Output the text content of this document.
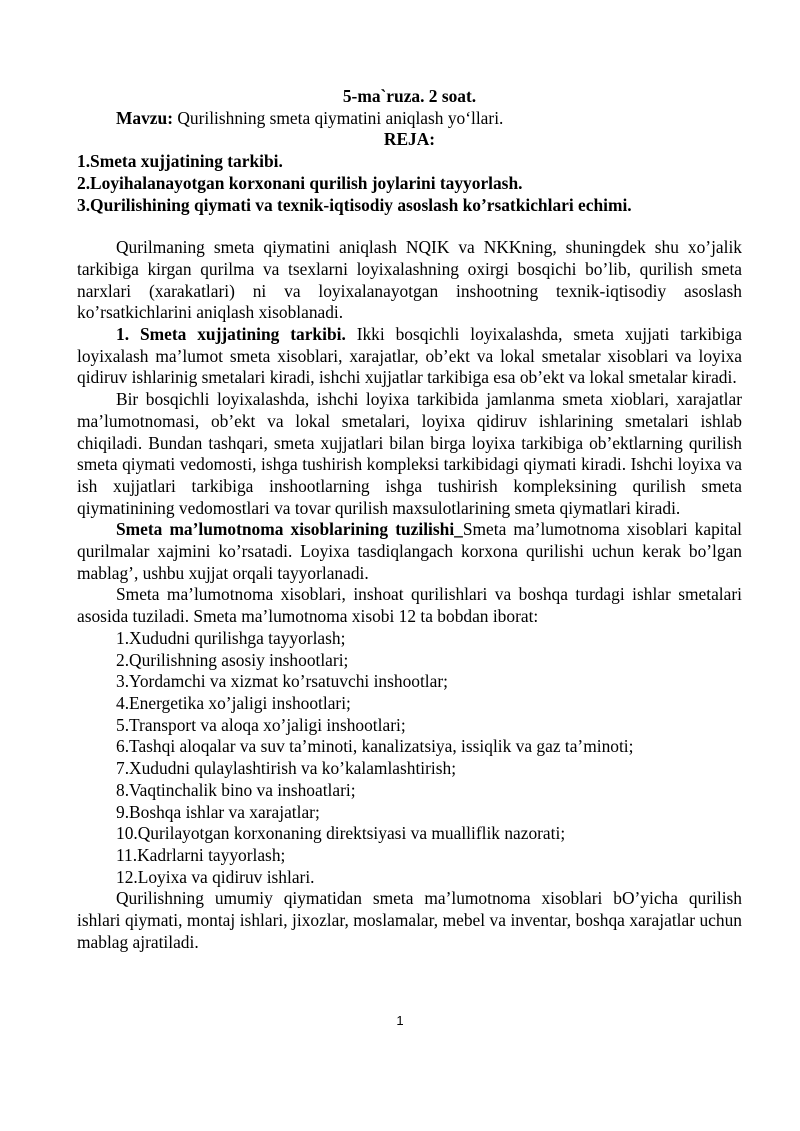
5-ma`ruza. 2 soat.

Mavzu: Qurilishning smeta qiymatini aniqlash yo‘llari.

REJA:

1.Smeta xujjatining tarkibi.

2.Loyihalanayotgan korxonani qurilish joylarini tayyorlash.

3.Qurilishining qiymati va texnik-iqtisodiy asoslash ko’rsatkichlari echimi.

Qurilmaning smeta qiymatini aniqlash NQIK va NKKning, shuningdek shu xo’jalik tarkibiga kirgan qurilma va tsexlarni loyixalashning oxirgi bosqichi bo’lib, qurilish smeta narxlari (xarakatlari) ni va loyixalanayotgan inshootning texnik-iqtisodiy asoslash ko’rsatkichlarini aniqlash xisoblanadi.

1. Smeta xujjatining tarkibi. Ikki bosqichli loyixalashda, smeta xujjati tarkibiga loyixalash ma’lumot smeta xisoblari, xarajatlar, ob’ekt va lokal smetalar xisoblari va loyixa qidiruv ishlarinig smetalari kiradi, ishchi xujjatlar tarkibiga esa ob’ekt va lokal smetalar kiradi.

Bir bosqichli loyixalashda, ishchi loyixa tarkibida jamlanma smeta xioblari, xarajatlar ma’lumotnomasi, ob’ekt va lokal smetalari, loyixa qidiruv ishlarining smetalari ishlab chiqiladi. Bundan tashqari, smeta xujjatlari bilan birga loyixa tarkibiga ob’ektlarning qurilish smeta qiymati vedomosti, ishga tushirish kompleksi tarkibidagi qiymati kiradi. Ishchi loyixa va ish xujjatlari tarkibiga inshootlarning ishga tushirish kompleksining qurilish smeta qiymatinining vedomostlari va tovar qurilish maxsulotlarining smeta qiymatlari kiradi.

Smeta ma’lumotnoma xisoblarining tuzilishi_Smeta ma’lumotnoma xisoblari kapital qurilmalar xajmini ko’rsatadi. Loyixa tasdiqlangach korxona qurilishi uchun kerak bo’lgan mablag’, ushbu xujjat orqali tayyorlanadi.

Smeta ma’lumotnoma xisoblari, inshoat qurilishlari va boshqa turdagi ishlar smetalari asosida tuziladi. Smeta ma’lumotnoma xisobi 12 ta bobdan iborat:

1.Xududni qurilishga tayyorlash;

2.Qurilishning asosiy inshootlari;

3.Yordamchi va xizmat ko’rsatuvchi inshootlar;

4.Energetika xo’jaligi inshootlari;

5.Transport va aloqa xo’jaligi inshootlari;

6.Tashqi aloqalar va suv ta’minoti, kanalizatsiya, issiqlik va gaz ta’minoti;

7.Xududni qulaylashtirish va ko’kalamlashtirish;

8.Vaqtinchalik bino va inshoatlari;

9.Boshqa ishlar va xarajatlar;

10.Qurilayotgan korxonaning direktsiyasi va mualliflik nazorati;

11.Kadrlarni tayyorlash;

12.Loyixa va qidiruv ishlari.

Qurilishning umumiy qiymatidan smeta ma’lumotnoma xisoblari bO’yicha qurilish ishlari qiymati, montaj ishlari, jixozlar, moslamalar, mebel va inventar, boshqa xarajatlar uchun mablag ajratiladi.

1
